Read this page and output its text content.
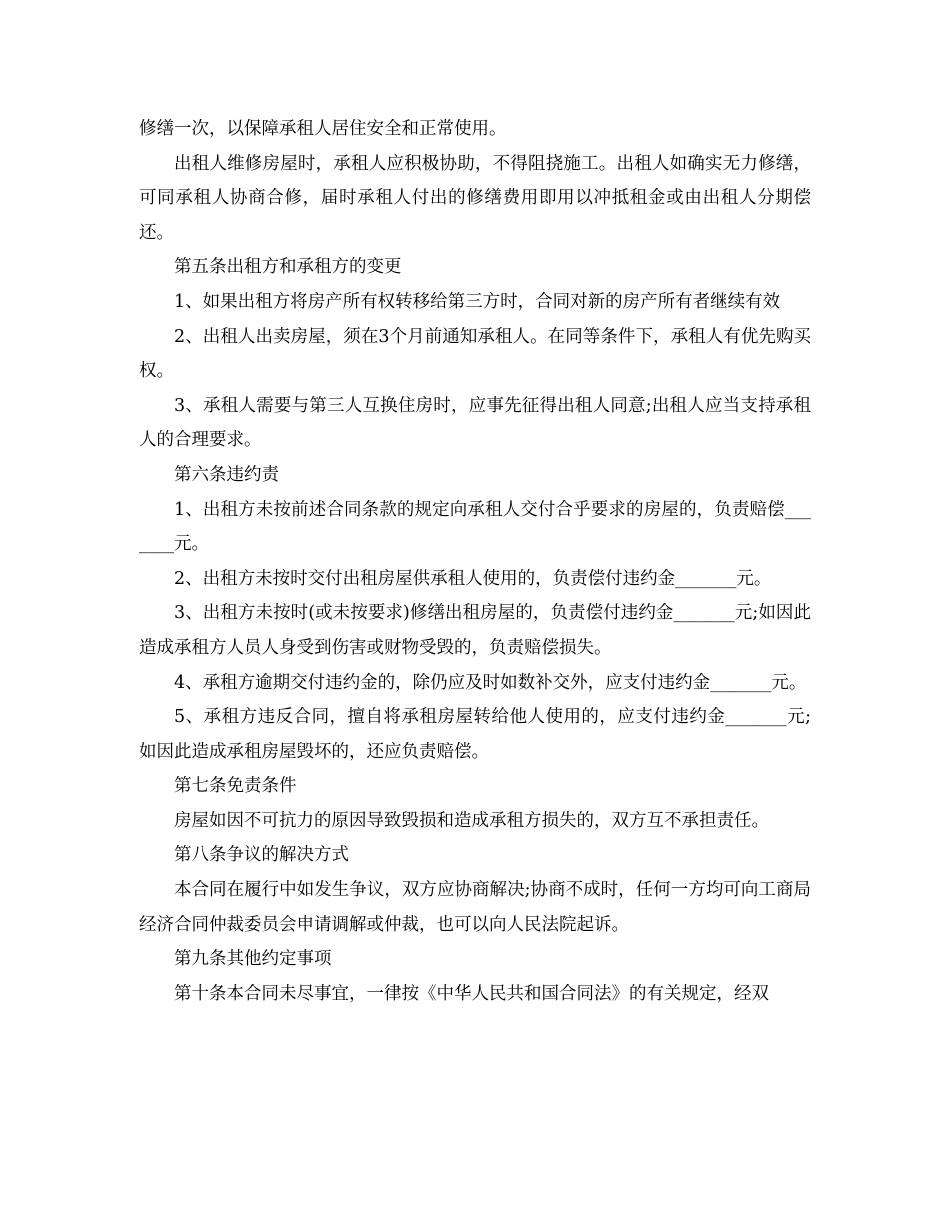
修缮一次，以保障承租人居住安全和正常使用。

出租人维修房屋时，承租人应积极协助，不得阻挠施工。出租人如确实无力修缮，可同承租人协商合修，届时承租人付出的修缮费用即用以冲抵租金或由出租人分期偿还。

第五条出租方和承租方的变更

1、如果出租方将房产所有权转移给第三方时，合同对新的房产所有者继续有效

2、出租人出卖房屋，须在3个月前通知承租人。在同等条件下，承租人有优先购买权。

3、承租人需要与第三人互换住房时，应事先征得出租人同意;出租人应当支持承租人的合理要求。

第六条违约责

1、出租方未按前述合同条款的规定向承租人交付合乎要求的房屋的，负责赔偿_______元。

2、出租方未按时交付出租房屋供承租人使用的，负责偿付违约金_______元。

3、出租方未按时(或未按要求)修缮出租房屋的，负责偿付违约金_______元;如因此造成承租方人员人身受到伤害或财物受毁的，负责赔偿损失。

4、承租方逾期交付违约金的，除仍应及时如数补交外，应支付违约金_______元。

5、承租方违反合同，擅自将承租房屋转给他人使用的，应支付违约金_______元;如因此造成承租房屋毁坏的，还应负责赔偿。

第七条免责条件

房屋如因不可抗力的原因导致毁损和造成承租方损失的，双方互不承担责任。

第八条争议的解决方式

本合同在履行中如发生争议，双方应协商解决;协商不成时，任何一方均可向工商局经济合同仲裁委员会申请调解或仲裁，也可以向人民法院起诉。

第九条其他约定事项

第十条本合同未尽事宜，一律按《中华人民共和国合同法》的有关规定，经双
